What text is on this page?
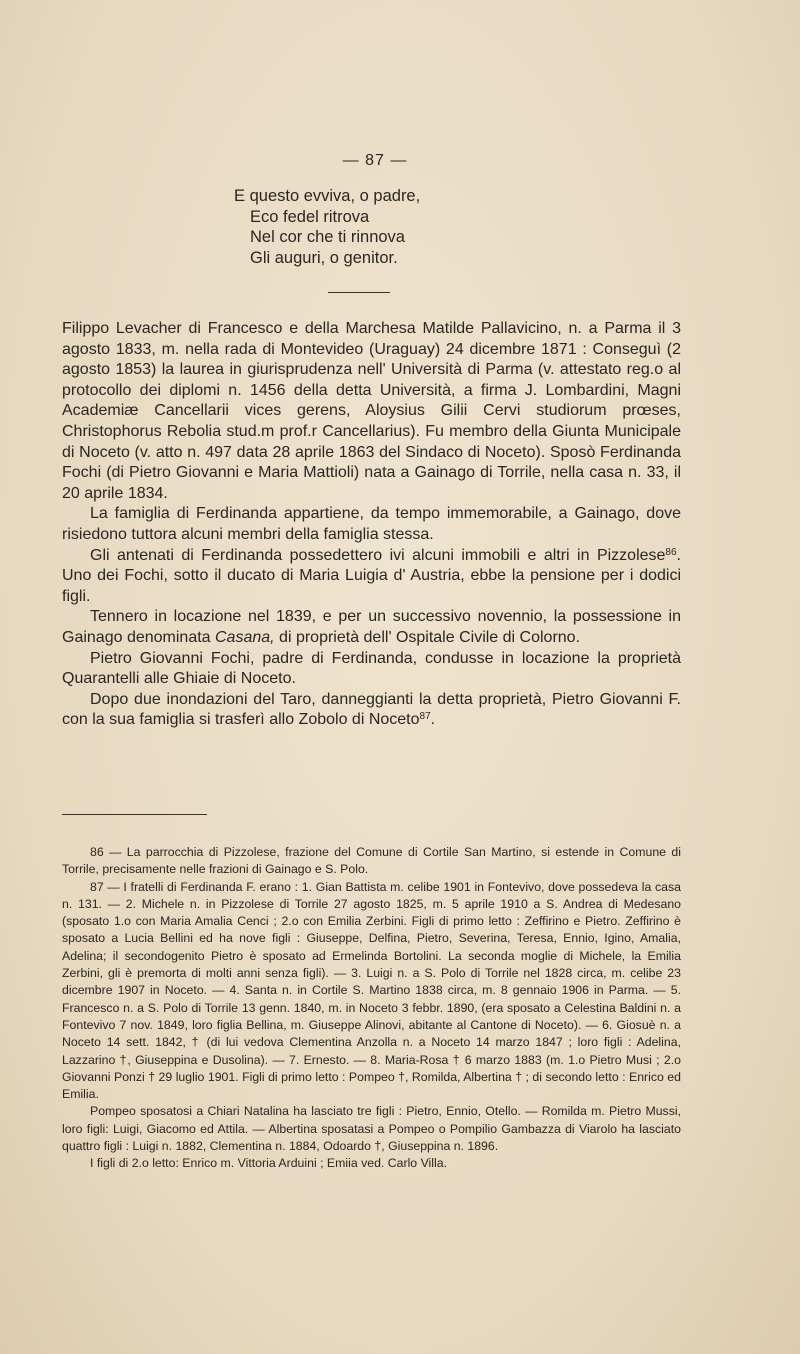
— 87 —
E questo evviva, o padre,
Eco fedel ritrova
Nel cor che ti rinnova
Gli auguri, o genitor.

Filippo Levacher di Francesco e della Marchesa Matilde Pallavicino, n. a Parma il 3 agosto 1833, m. nella rada di Montevideo (Uraguay) 24 dicembre 1871 : Conseguì (2 agosto 1853) la laurea in giurisprudenza nell' Università di Parma (v. attestato reg.o al protocollo dei diplomi n. 1456 della detta Università, a firma J. Lombardini, Magni Academiæ Cancellarii vices gerens, Aloysius Gilii Cervi studiorum prœses, Christophorus Rebolia stud.m prof.r Cancellarius). Fu membro della Giunta Municipale di Noceto (v. atto n. 497 data 28 aprile 1863 del Sindaco di Noceto). Sposò Ferdinanda Fochi (di Pietro Giovanni e Maria Mattioli) nata a Gainago di Torrile, nella casa n. 33, il 20 aprile 1834.

La famiglia di Ferdinanda appartiene, da tempo immemorabile, a Gainago, dove risiedono tuttora alcuni membri della famiglia stessa.

Gli antenati di Ferdinanda possedettero ivi alcuni immobili e altri in Pizzolese$^{86}$. Uno dei Fochi, sotto il ducato di Maria Luigia d' Austria, ebbe la pensione per i dodici figli.

Tennero in locazione nel 1839, e per un successivo novennio, la possessione in Gainago denominata Casana, di proprietà dell' Ospitale Civile di Colorno.

Pietro Giovanni Fochi, padre di Ferdinanda, condusse in locazione la proprietà Quarantelli alle Ghiaie di Noceto.

Dopo due inondazioni del Taro, danneggianti la detta proprietà, Pietro Giovanni F. con la sua famiglia si trasferì allo Zobolo di Noceto$^{87}$.

86 — La parrocchia di Pizzolese, frazione del Comune di Cortile San Martino, si estende in Comune di Torrile, precisamente nelle frazioni di Gainago e S. Polo.

87 — I fratelli di Ferdinanda F. erano : 1. Gian Battista m. celibe 1901 in Fontevivo, dove possedeva la casa n. 131. — 2. Michele n. in Pizzolese di Torrile 27 agosto 1825, m. 5 aprile 1910 a S. Andrea di Medesano (sposato 1.o con Maria Amalia Cenci ; 2.o con Emilia Zerbini. Figli di primo letto : Zeffirino e Pietro. Zeffirino è sposato a Lucia Bellini ed ha nove figli : Giuseppe, Delfina, Pietro, Severina, Teresa, Ennio, Igino, Amalia, Adelina; il secondogenito Pietro è sposato ad Ermelinda Bortolini. La seconda moglie di Michele, la Emilia Zerbini, gli è premorta di molti anni senza figli). — 3. Luigi n. a S. Polo di Torrile nel 1828 circa, m. celibe 23 dicembre 1907 in Noceto. — 4. Santa n. in Cortile S. Martino 1838 circa, m. 8 gennaio 1906 in Parma. — 5. Francesco n. a S. Polo di Torrile 13 genn. 1840, m. in Noceto 3 febbr. 1890, (era sposato a Celestina Baldini n. a Fontevivo 7 nov. 1849, loro figlia Bellina, m. Giuseppe Alinovi, abitante al Cantone di Noceto). — 6. Giosuè n. a Noceto 14 sett. 1842, † (di lui vedova Clementina Anzolla n. a Noceto 14 marzo 1847 ; loro figli : Adelina, Lazzarino †, Giuseppina e Dusolina). — 7. Ernesto. — 8. Maria-Rosa † 6 marzo 1883 (m. 1.o Pietro Musi ; 2.o Giovanni Ponzi † 29 luglio 1901. Figli di primo letto : Pompeo †, Romilda, Albertina † ; di secondo letto : Enrico ed Emilia.

Pompeo sposatosi a Chiari Natalina ha lasciato tre figli : Pietro, Ennio, Otello. — Romilda m. Pietro Mussi, loro figli: Luigi, Giacomo ed Attila. — Albertina sposatasi a Pompeo o Pompilio Gambazza di Viarolo ha lasciato quattro figli : Luigi n. 1882, Clementina n. 1884, Odoardo †, Giuseppina n. 1896.

I figli di 2.o letto: Enrico m. Vittoria Arduini ; Emiia ved. Carlo Villa.
